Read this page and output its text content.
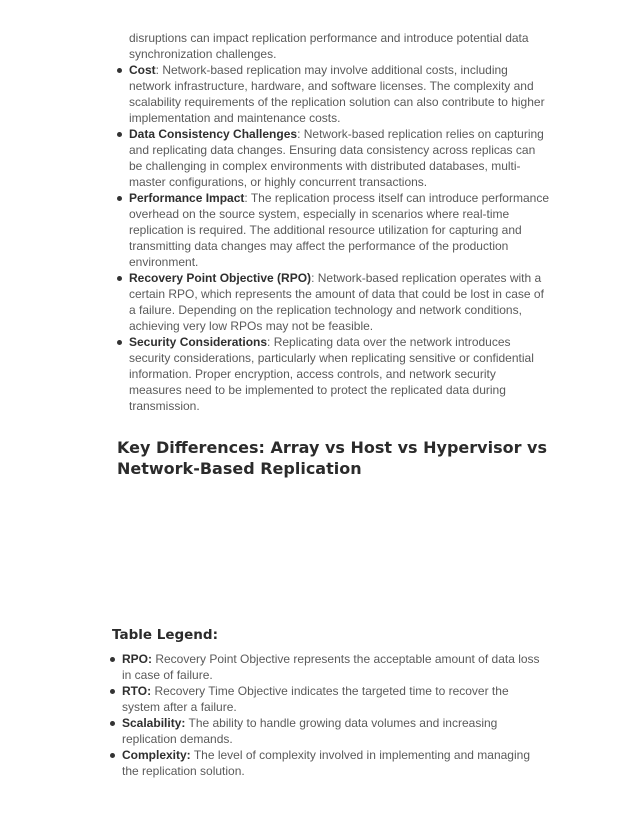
disruptions can impact replication performance and introduce potential data synchronization challenges.
Cost: Network-based replication may involve additional costs, including network infrastructure, hardware, and software licenses. The complexity and scalability requirements of the replication solution can also contribute to higher implementation and maintenance costs.
Data Consistency Challenges: Network-based replication relies on capturing and replicating data changes. Ensuring data consistency across replicas can be challenging in complex environments with distributed databases, multi-master configurations, or highly concurrent transactions.
Performance Impact: The replication process itself can introduce performance overhead on the source system, especially in scenarios where real-time replication is required. The additional resource utilization for capturing and transmitting data changes may affect the performance of the production environment.
Recovery Point Objective (RPO): Network-based replication operates with a certain RPO, which represents the amount of data that could be lost in case of a failure. Depending on the replication technology and network conditions, achieving very low RPOs may not be feasible.
Security Considerations: Replicating data over the network introduces security considerations, particularly when replicating sensitive or confidential information. Proper encryption, access controls, and network security measures need to be implemented to protect the replicated data during transmission.
Key Differences: Array vs Host vs Hypervisor vs Network-Based Replication
Table Legend:
RPO: Recovery Point Objective represents the acceptable amount of data loss in case of failure.
RTO: Recovery Time Objective indicates the targeted time to recover the system after a failure.
Scalability: The ability to handle growing data volumes and increasing replication demands.
Complexity: The level of complexity involved in implementing and managing the replication solution.
